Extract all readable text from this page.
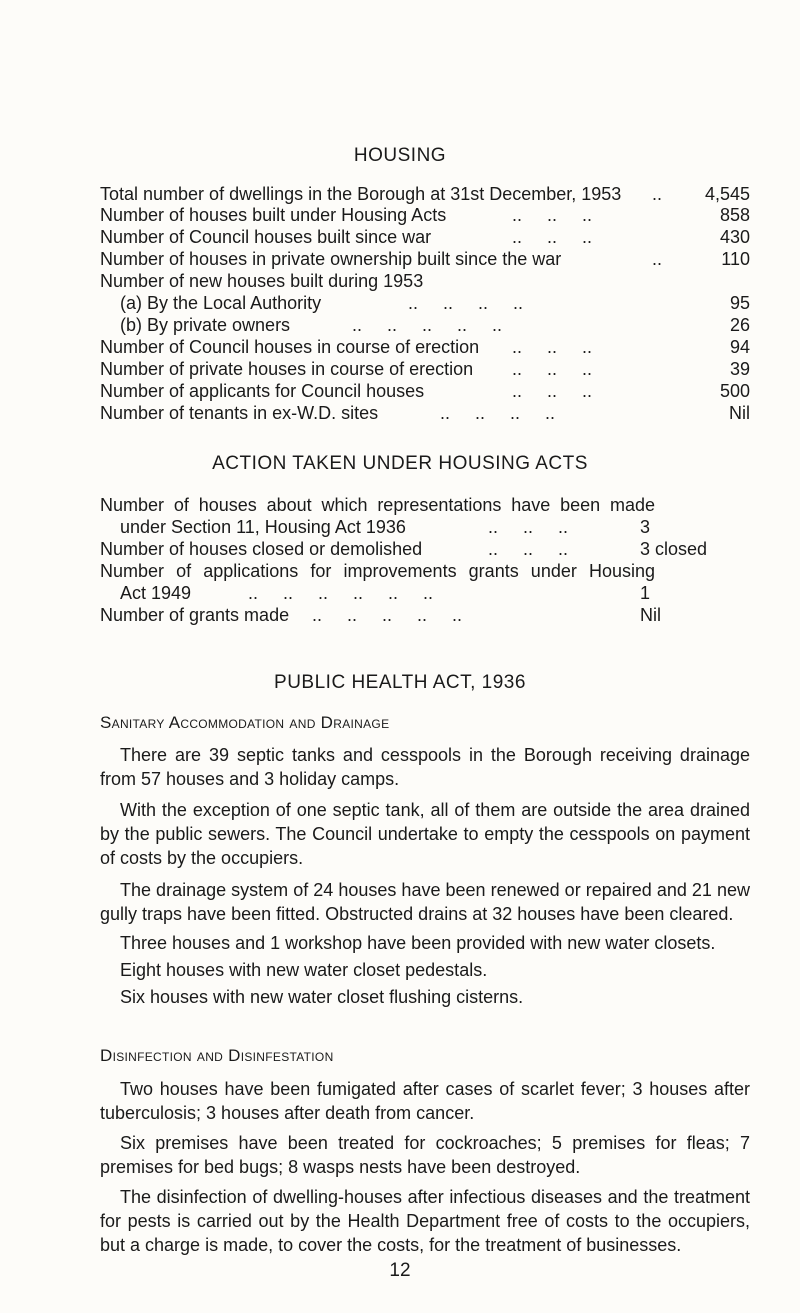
HOUSING
Total number of dwellings in the Borough at 31st December, 1953 ..	4,545
Number of houses built under Housing Acts	..     ..     ..	858
Number of Council houses built since war	..     ..     ..	430
Number of houses in private ownership built since the war	..	110
Number of new houses built during 1953
(a) By the Local Authority	..     ..     ..     ..	95
(b) By private owners	..     ..     ..     ..     ..	26
Number of Council houses in course of erection ..     ..     ..	94
Number of private houses in course of erection ..     ..     ..	39
Number of applicants for Council houses	..     ..     ..	500
Number of tenants in ex-W.D. sites	..     ..     ..     ..	Nil
ACTION TAKEN UNDER HOUSING ACTS
Number of houses about which representations have been made
under Section 11, Housing Act 1936	..     ..     ..	3
Number of houses closed or demolished	..     ..     ..	3 closed
Number of applications for improvements grants under Housing
Act 1949	..     ..     ..     ..     ..     ..	1
Number of grants made ..     ..     ..     ..     ..	Nil
PUBLIC HEALTH ACT, 1936
Sanitary Accommodation and Drainage
There are 39 septic tanks and cesspools in the Borough receiving drainage from 57 houses and 3 holiday camps.
With the exception of one septic tank, all of them are outside the area drained by the public sewers. The Council undertake to empty the cesspools on payment of costs by the occupiers.
The drainage system of 24 houses have been renewed or repaired and 21 new gully traps have been fitted. Obstructed drains at 32 houses have been cleared.
Three houses and 1 workshop have been provided with new water closets.
Eight houses with new water closet pedestals.
Six houses with new water closet flushing cisterns.
Disinfection and Disinfestation
Two houses have been fumigated after cases of scarlet fever; 3 houses after tuberculosis; 3 houses after death from cancer.
Six premises have been treated for cockroaches; 5 premises for fleas; 7 premises for bed bugs; 8 wasps nests have been destroyed.
The disinfection of dwelling-houses after infectious diseases and the treatment for pests is carried out by the Health Department free of costs to the occupiers, but a charge is made, to cover the costs, for the treatment of businesses.
12
